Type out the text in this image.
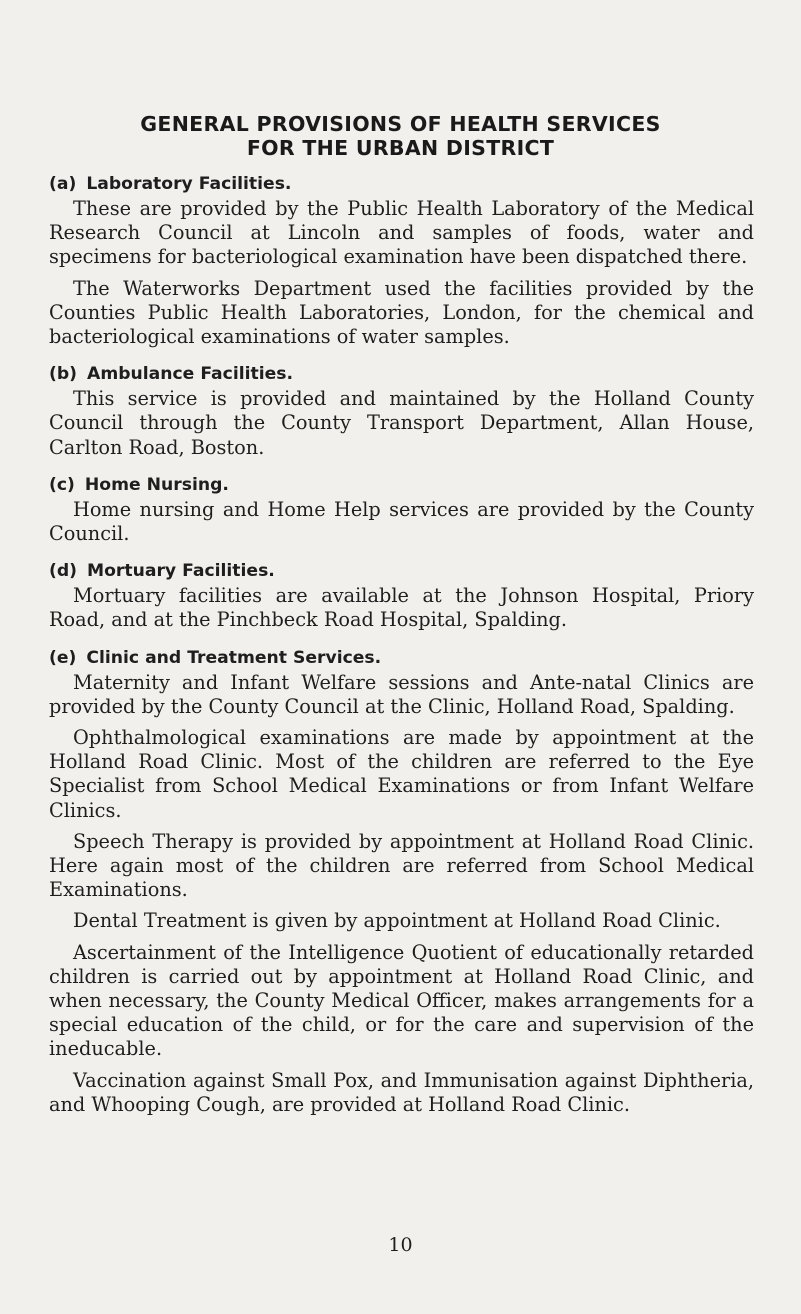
GENERAL PROVISIONS OF HEALTH SERVICES
FOR THE URBAN DISTRICT
(a) Laboratory Facilities.

These are provided by the Public Health Laboratory of the Medical Research Council at Lincoln and samples of foods, water and specimens for bacteriological examination have been dispatched there.

The Waterworks Department used the facilities provided by the Counties Public Health Laboratories, London, for the chemical and bacteriological examinations of water samples.

(b) Ambulance Facilities.

This service is provided and maintained by the Holland County Council through the County Transport Department, Allan House, Carlton Road, Boston.

(c) Home Nursing.

Home nursing and Home Help services are provided by the County Council.

(d) Mortuary Facilities.

Mortuary facilities are available at the Johnson Hospital, Priory Road, and at the Pinchbeck Road Hospital, Spalding.

(e) Clinic and Treatment Services.

Maternity and Infant Welfare sessions and Ante-natal Clinics are provided by the County Council at the Clinic, Holland Road, Spalding.

Ophthalmological examinations are made by appointment at the Holland Road Clinic. Most of the children are referred to the Eye Specialist from School Medical Examinations or from Infant Welfare Clinics.

Speech Therapy is provided by appointment at Holland Road Clinic. Here again most of the children are referred from School Medical Examinations.

Dental Treatment is given by appointment at Holland Road Clinic.

Ascertainment of the Intelligence Quotient of educationally retarded children is carried out by appointment at Holland Road Clinic, and when necessary, the County Medical Officer, makes arrangements for a special education of the child, or for the care and supervision of the ineducable.

Vaccination against Small Pox, and Immunisation against Diphtheria, and Whooping Cough, are provided at Holland Road Clinic.

10
